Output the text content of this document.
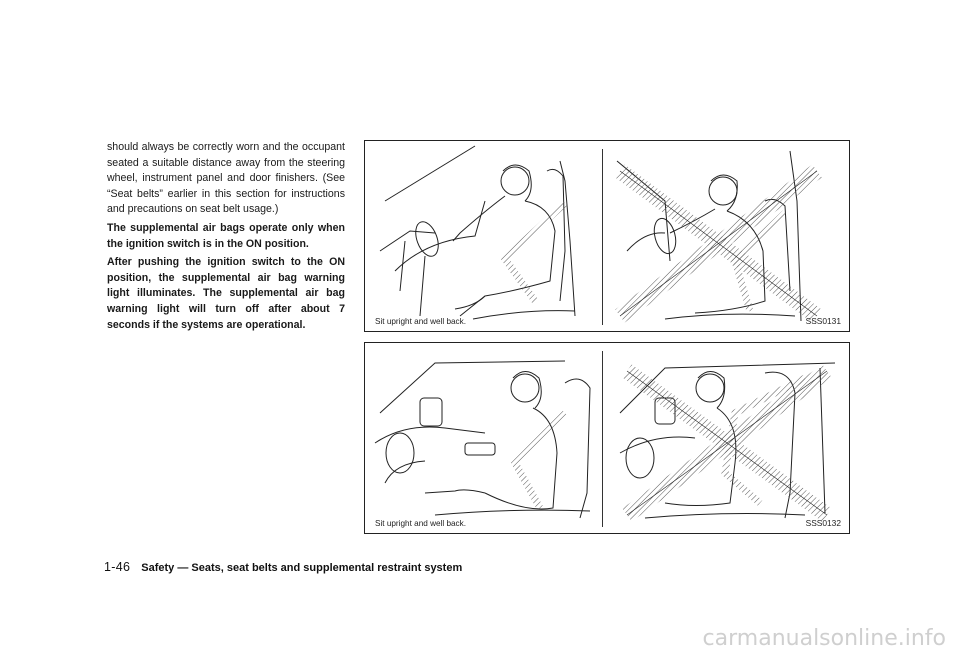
should always be correctly worn and the occupant seated a suitable distance away from the steering wheel, instrument panel and door finishers. (See “Seat belts” earlier in this section for instructions and precautions on seat belt usage.)

The supplemental air bags operate only when the ignition switch is in the ON position.

After pushing the ignition switch to the ON position, the supplemental air bag warning light illuminates. The supplemental air bag warning light will turn off after about 7 seconds if the systems are operational.	Sit upright and well back.	SSS0131
Sit upright and well back.	SSS0132
1-46 Safety — Seats, seat belts and supplemental restraint system
carmanualsonline.info
